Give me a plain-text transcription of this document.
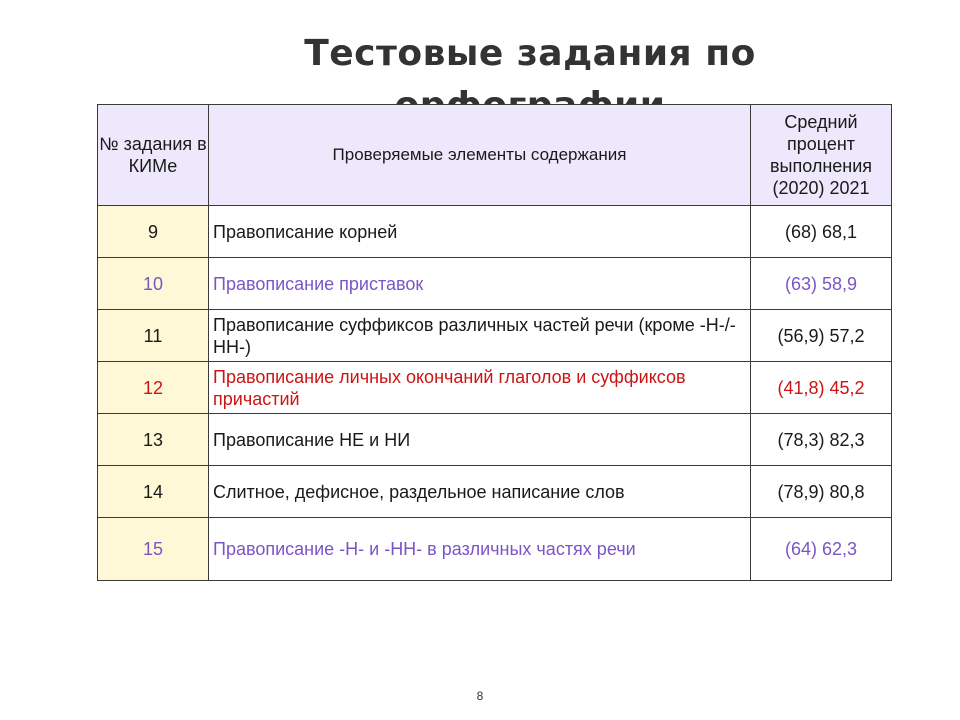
Тестовые задания по
№ задания в КИМе	Проверяемые элементы содержания	Средний процент выполнения (2020) 2021
9	Правописание корней	(68) 68,1
10	Правописание приставок	(63) 58,9
11	Правописание суффиксов различных частей речи (кроме -Н-/-НН-)	(56,9) 57,2
12	Правописание личных окончаний глаголов и суффиксов причастий	(41,8) 45,2
13	Правописание НЕ и НИ	(78,3) 82,3
14	Слитное, дефисное, раздельное написание слов	(78,9) 80,8
15	Правописание -Н- и -НН- в различных частях речи	(64) 62,3
8
